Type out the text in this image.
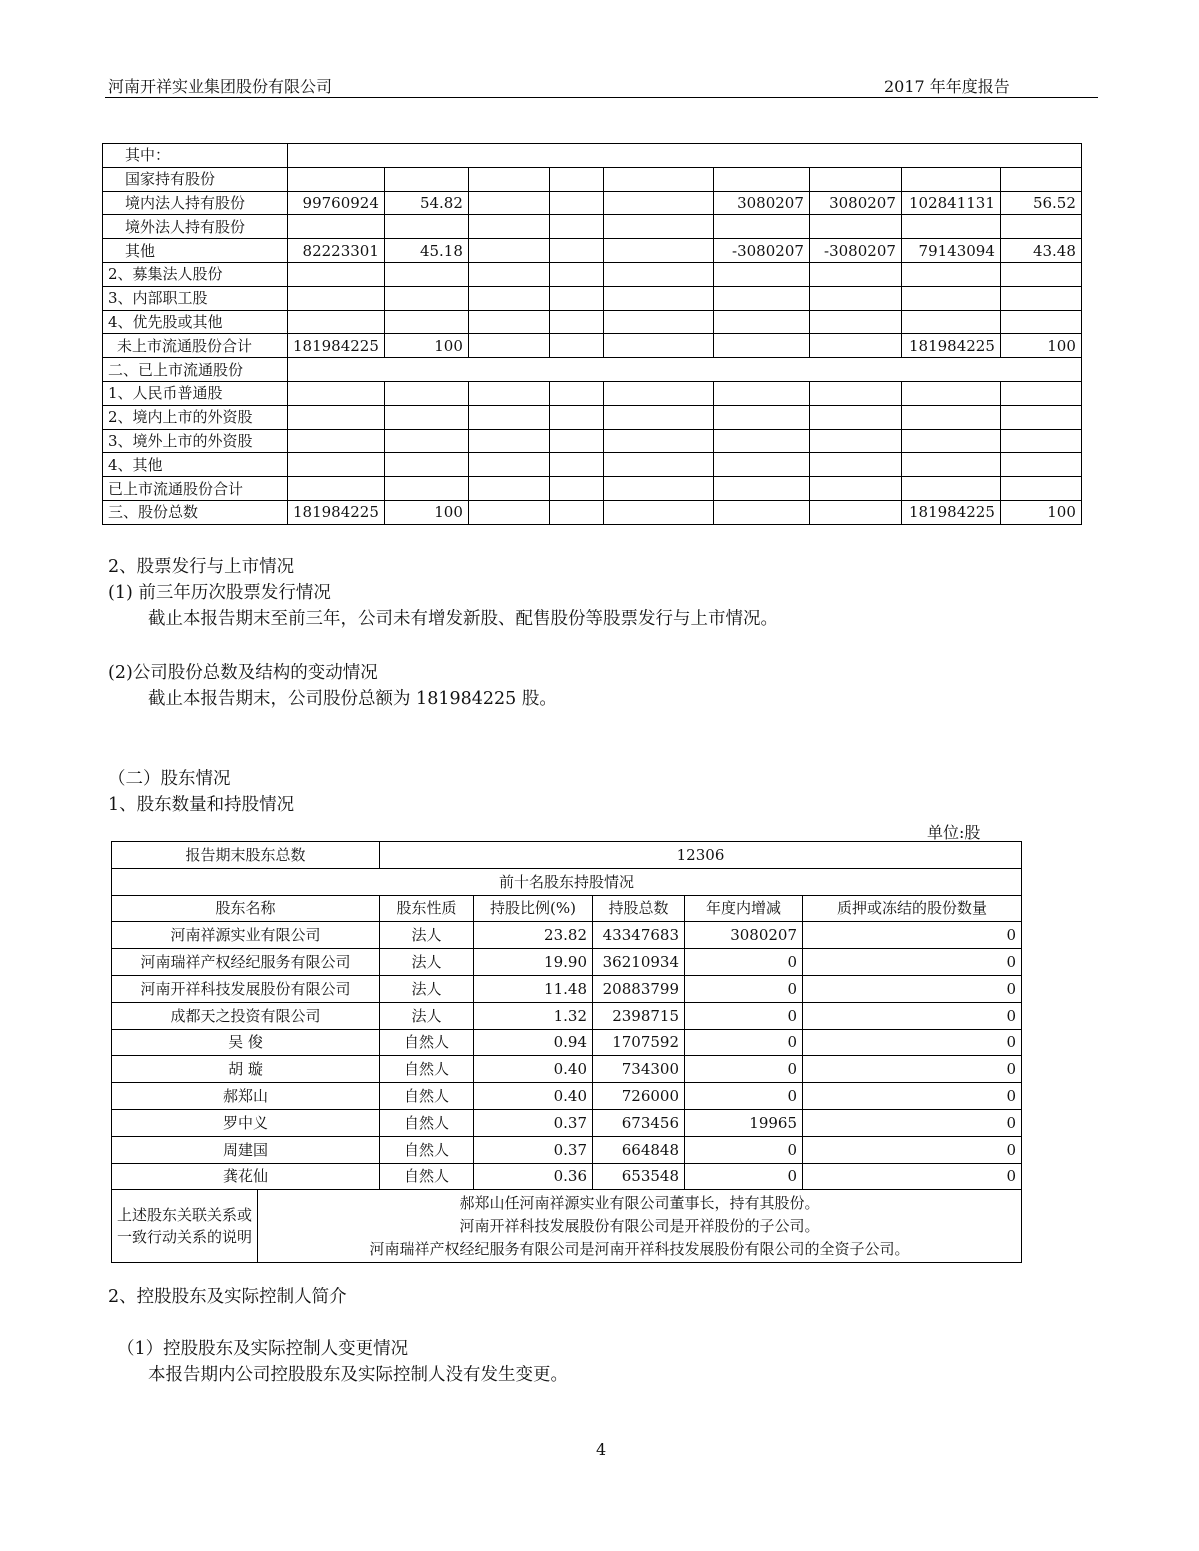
河南开祥实业集团股份有限公司	2017 年年度报告
其中：									
国家持有股份									
境内法人持有股份	99760924	54.82				3080207	3080207	102841131	56.52
境外法人持有股份									
其他	82223301	45.18				-3080207	-3080207	79143094	43.48
2、募集法人股份									
3、内部职工股									
4、优先股或其他									
未上市流通股份合计	181984225	100						181984225	100
二、已上市流通股份									
1、人民币普通股									
2、境内上市的外资股									
3、境外上市的外资股									
4、其他									
已上市流通股份合计									
三、股份总数	181984225	100						181984225	100
2、股票发行与上市情况
(1) 前三年历次股票发行情况
截止本报告期末至前三年，公司未有增发新股、配售股份等股票发行与上市情况。
(2)公司股份总数及结构的变动情况
截止本报告期末，公司股份总额为 181984225 股。
（二）股东情况
1、股东数量和持股情况
单位:股
报告期末股东总数		12306				
前十名股东持股情况						
股东名称		股东性质	持股比例(%)	持股总数	年度内增减	质押或冻结的股份数量
河南祥源实业有限公司		法人	23.82	43347683	3080207	0
河南瑞祥产权经纪服务有限公司		法人	19.90	36210934	0	0
河南开祥科技发展股份有限公司		法人	11.48	20883799	0	0
成都天之投资有限公司		法人	1.32	2398715	0	0
吴 俊		自然人	0.94	1707592	0	0
胡 璇		自然人	0.40	734300	0	0
郝郑山		自然人	0.40	726000	0	0
罗中义		自然人	0.37	673456	19965	0
周建国		自然人	0.37	664848	0	0
龚花仙		自然人	0.36	653548	0	0
上述股东关联关系或一致行动关系的说明	郝郑山任河南祥源实业有限公司董事长，持有其股份。
河南开祥科技发展股份有限公司是开祥股份的子公司。
河南瑞祥产权经纪服务有限公司是河南开祥科技发展股份有限公司的全资子公司。					
2、控股股东及实际控制人简介
（1）控股股东及实际控制人变更情况
本报告期内公司控股股东及实际控制人没有发生变更。
4
